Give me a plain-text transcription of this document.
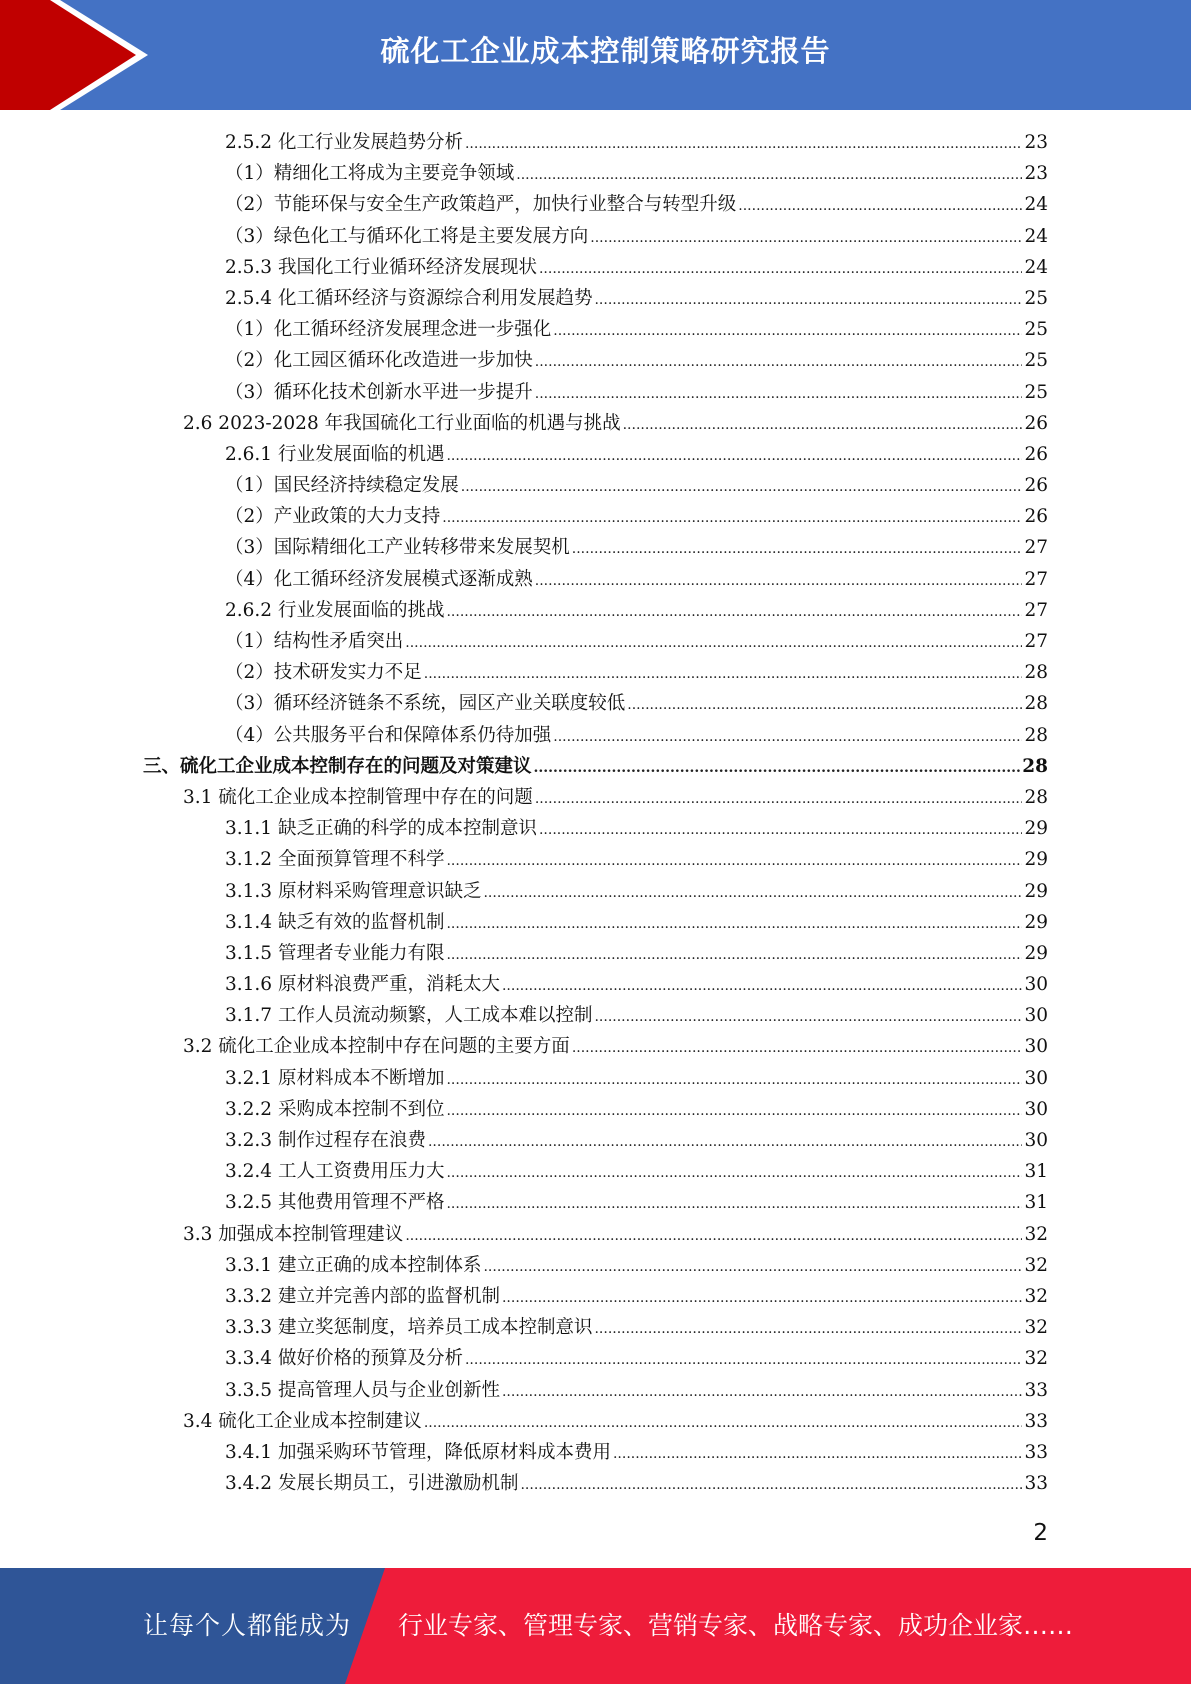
硫化工企业成本控制策略研究报告
2.5.2 化工行业发展趋势分析 .....	23
（1）精细化工将成为主要竞争领域 .....	23
（2）节能环保与安全生产政策趋严，加快行业整合与转型升级 .....	24
（3）绿色化工与循环化工将是主要发展方向 .....	24
2.5.3 我国化工行业循环经济发展现状 .....	24
2.5.4 化工循环经济与资源综合利用发展趋势 .....	25
（1）化工循环经济发展理念进一步强化 .....	25
（2）化工园区循环化改造进一步加快 .....	25
（3）循环化技术创新水平进一步提升 .....	25
2.6 2023-2028 年我国硫化工行业面临的机遇与挑战 .....	26
2.6.1 行业发展面临的机遇 .....	26
（1）国民经济持续稳定发展 .....	26
（2）产业政策的大力支持 .....	26
（3）国际精细化工产业转移带来发展契机 .....	27
（4）化工循环经济发展模式逐渐成熟 .....	27
2.6.2 行业发展面临的挑战 .....	27
（1）结构性矛盾突出 .....	27
（2）技术研发实力不足 .....	28
（3）循环经济链条不系统，园区产业关联度较低 .....	28
（4）公共服务平台和保障体系仍待加强 .....	28
三、硫化工企业成本控制存在的问题及对策建议 .....	28
3.1 硫化工企业成本控制管理中存在的问题 .....	28
3.1.1 缺乏正确的科学的成本控制意识 .....	29
3.1.2 全面预算管理不科学 .....	29
3.1.3 原材料采购管理意识缺乏 .....	29
3.1.4 缺乏有效的监督机制 .....	29
3.1.5 管理者专业能力有限 .....	29
3.1.6 原材料浪费严重，消耗太大 .....	30
3.1.7 工作人员流动频繁，人工成本难以控制 .....	30
3.2 硫化工企业成本控制中存在问题的主要方面 .....	30
3.2.1 原材料成本不断增加 .....	30
3.2.2 采购成本控制不到位 .....	30
3.2.3 制作过程存在浪费 .....	30
3.2.4 工人工资费用压力大 .....	31
3.2.5 其他费用管理不严格 .....	31
3.3 加强成本控制管理建议 .....	32
3.3.1 建立正确的成本控制体系 .....	32
3.3.2 建立并完善内部的监督机制 .....	32
3.3.3 建立奖惩制度，培养员工成本控制意识 .....	32
3.3.4 做好价格的预算及分析 .....	32
3.3.5 提高管理人员与企业创新性 .....	33
3.4 硫化工企业成本控制建议 .....	33
3.4.1 加强采购环节管理，降低原材料成本费用 .....	33
3.4.2 发展长期员工，引进激励机制 .....	33
2
让每个人都能成为 行业专家、管理专家、营销专家、战略专家、成功企业家……
